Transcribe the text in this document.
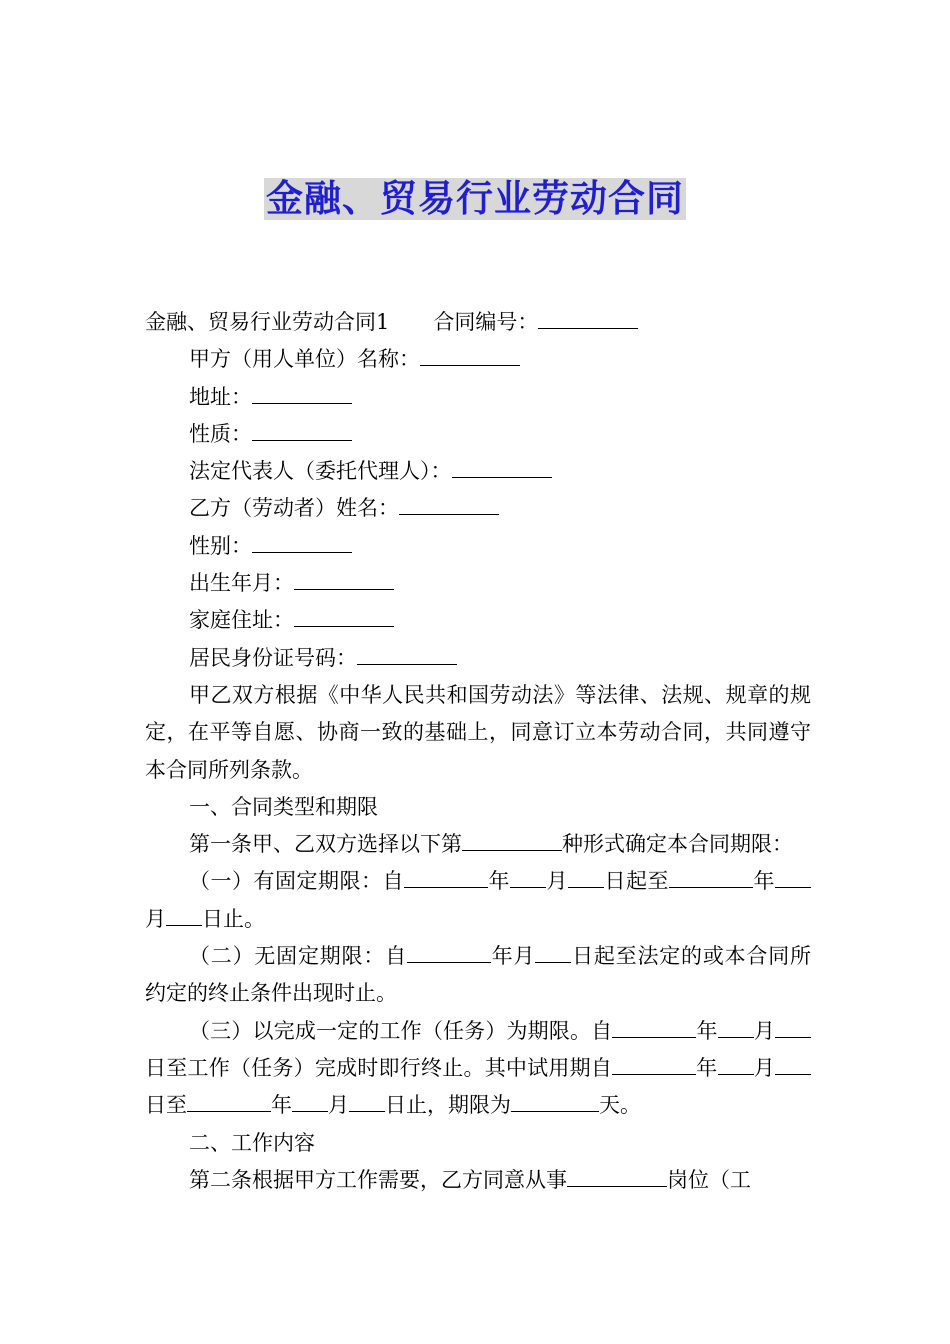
金融、贸易行业劳动合同

金融、贸易行业劳动合同1 合同编号：

甲方（用人单位）名称：

地址：

性质：

法定代表人（委托代理人）：

乙方（劳动者）姓名：

性别：

出生年月：

家庭住址：

居民身份证号码：

甲乙双方根据《中华人民共和国劳动法》等法律、法规、规章的规定，在平等自愿、协商一致的基础上，同意订立本劳动合同，共同遵守本合同所列条款。

一、合同类型和期限

第一条甲、乙双方选择以下第	种形式确定本合同期限：

（一）有固定期限：自	年 月 日起至	年月 日止。

（二）无固定期限：自	年月 日起至法定的或本合同所约定的终止条件出现时止。

（三）以完成一定的工作（任务）为期限。自	年 月日至工作（任务）完成时即行终止。其中试用期自	年 月日至	年 月 日止，期限为	天。

二、工作内容

第二条根据甲方工作需要，乙方同意从事	岗位（工
